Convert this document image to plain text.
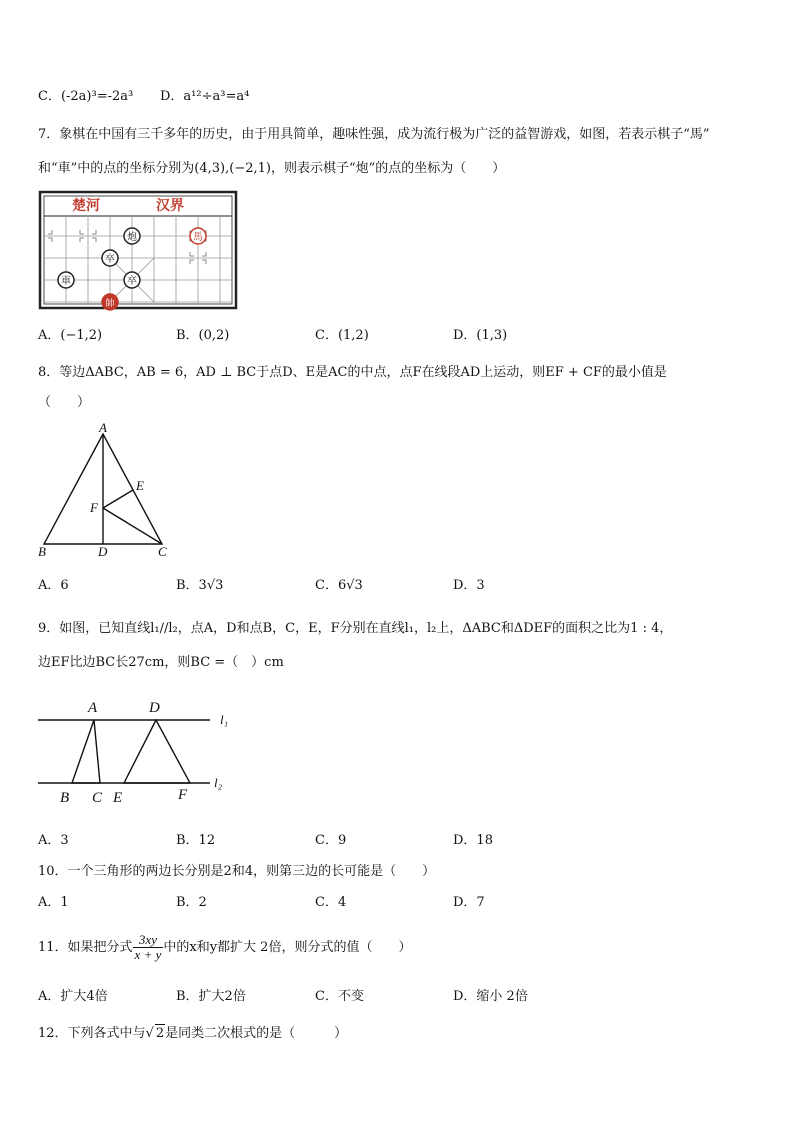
C．(-2a)³=-2a³ D．a¹²÷a³=a⁴
7．象棋在中国有三千多年的历史，由于用具简单，趣味性强，成为流行极为广泛的益智游戏，如图，若表示棋子“馬”
和“車”中的点的坐标分别为(4,3),(−2,1)，则表示棋子“炮”的点的坐标为（　　）
楚河	汉界
炮	馬
卒
卒
車
帥
A．(−1,2)	B．(0,2)	C．(1,2)	D．(1,3)
8．等边ΔABC，AB = 6，AD ⊥ BC于点D、E是AC的中点，点F在线段AD上运动，则EF + CF的最小值是
（　　）
A
E
F
B	D	C
A．6	B．3√3	C．6√3	D．3
9．如图，已知直线l₁//l₂，点A，D和点B，C，E，F分别在直线l₁，l₂上，ΔABC和ΔDEF的面积之比为1 : 4，
边EF比边BC长27cm，则BC =（　）cm
A	D
l₁
l₂
B C E	F
A．3	B．12	C．9	D．18
10．一个三角形的两边长分别是2和4，则第三边的长可能是（　　）
A．1	B．2	C．4	D．7
11．如果把分式 $\frac{3xy}{x + y}$ 中的x和y都扩大 2倍，则分式的值（　　）
A．扩大4倍	B．扩大2倍	C．不变	D．缩小 2倍
12．下列各式中与√ 2是同类二次根式的是（　　　）
